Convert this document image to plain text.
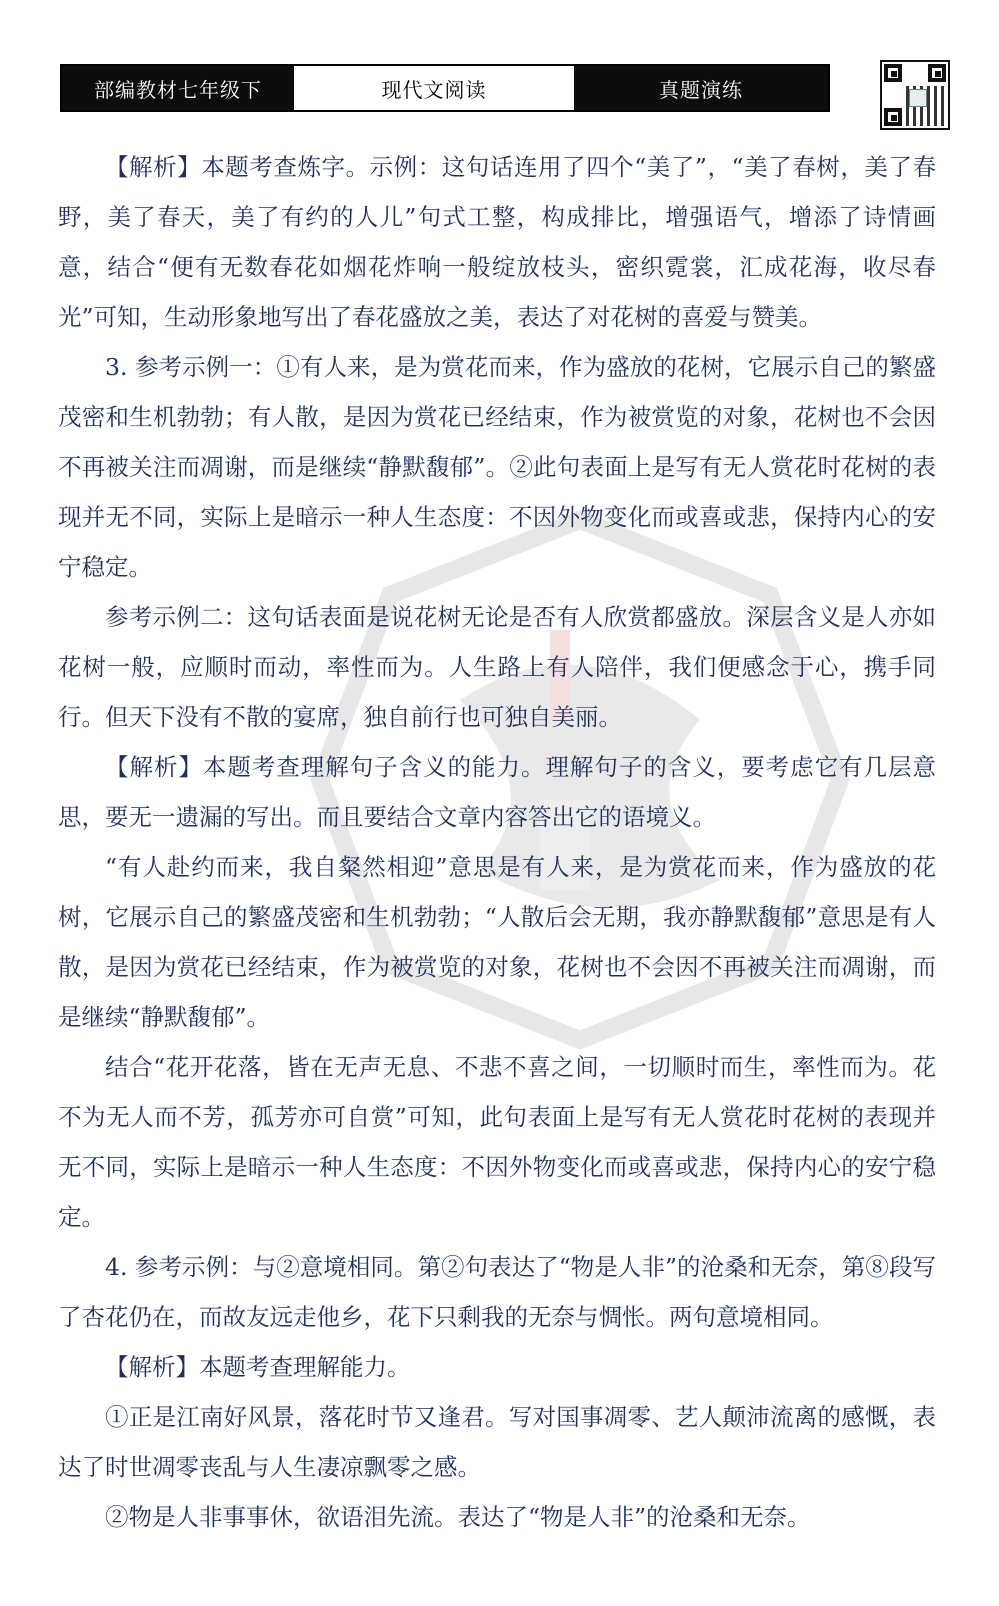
部编教材七年级下	现代文阅读	真题演练

【解析】本题考查炼字。示例：这句话连用了四个“美了”，“美了春树，美了春野，美了春天，美了有约的人儿”句式工整，构成排比，增强语气，增添了诗情画意，结合“便有无数春花如烟花炸响一般绽放枝头，密织霓裳，汇成花海，收尽春光”可知，生动形象地写出了春花盛放之美，表达了对花树的喜爱与赞美。

3. 参考示例一：①有人来，是为赏花而来，作为盛放的花树，它展示自己的繁盛茂密和生机勃勃；有人散，是因为赏花已经结束，作为被赏览的对象，花树也不会因不再被关注而凋谢，而是继续“静默馥郁”。②此句表面上是写有无人赏花时花树的表现并无不同，实际上是暗示一种人生态度：不因外物变化而或喜或悲，保持内心的安宁稳定。

参考示例二：这句话表面是说花树无论是否有人欣赏都盛放。深层含义是人亦如花树一般，应顺时而动，率性而为。人生路上有人陪伴，我们便感念于心，携手同行。但天下没有不散的宴席，独自前行也可独自美丽。

【解析】本题考查理解句子含义的能力。理解句子的含义，要考虑它有几层意思，要无一遗漏的写出。而且要结合文章内容答出它的语境义。

“有人赴约而来，我自粲然相迎”意思是有人来，是为赏花而来，作为盛放的花树，它展示自己的繁盛茂密和生机勃勃；“人散后会无期，我亦静默馥郁”意思是有人散，是因为赏花已经结束，作为被赏览的对象，花树也不会因不再被关注而凋谢，而是继续“静默馥郁”。

结合“花开花落，皆在无声无息、不悲不喜之间，一切顺时而生，率性而为。花不为无人而不芳，孤芳亦可自赏”可知，此句表面上是写有无人赏花时花树的表现并无不同，实际上是暗示一种人生态度：不因外物变化而或喜或悲，保持内心的安宁稳定。

4. 参考示例：与②意境相同。第②句表达了“物是人非”的沧桑和无奈，第⑧段写了杏花仍在，而故友远走他乡，花下只剩我的无奈与惆怅。两句意境相同。

【解析】本题考查理解能力。

①正是江南好风景，落花时节又逢君。写对国事凋零、艺人颠沛流离的感慨，表达了时世凋零丧乱与人生凄凉飘零之感。

②物是人非事事休，欲语泪先流。表达了“物是人非”的沧桑和无奈。
